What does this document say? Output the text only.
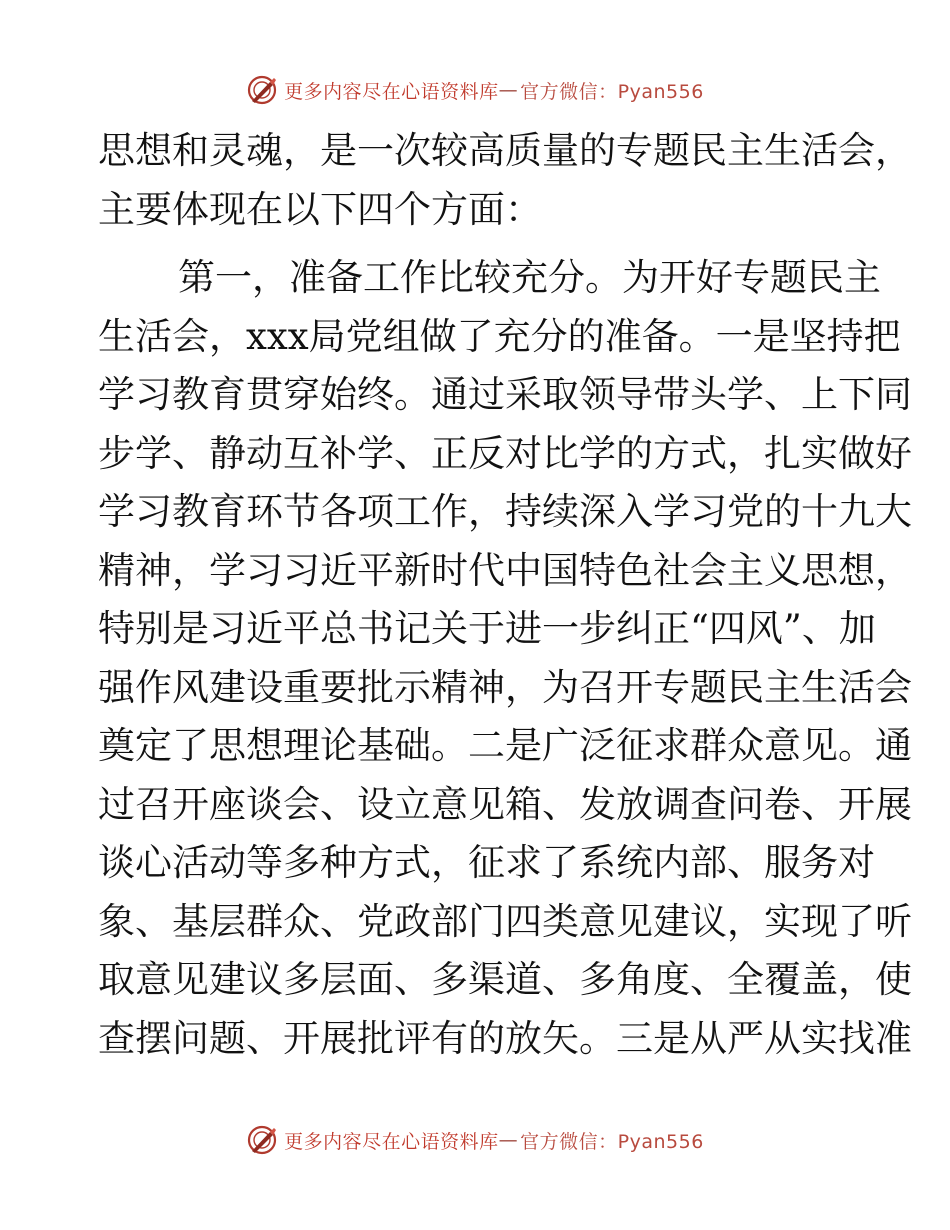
更多内容尽在心语资料库 — 官方微信：Pyan556
思想和灵魂，是一次较高质量的专题民主生活会，
主要体现在以下四个方面：
第一，准备工作比较充分。为开好专题民主
生活会，xxx局党组做了充分的准备。一是坚持把
学习教育贯穿始终。通过采取领导带头学、上下同
步学、静动互补学、正反对比学的方式，扎实做好
学习教育环节各项工作，持续深入学习党的十九大
精神，学习习近平新时代中国特色社会主义思想，
特别是习近平总书记关于进一步纠正“四风”、加
强作风建设重要批示精神，为召开专题民主生活会
奠定了思想理论基础。二是广泛征求群众意见。通
过召开座谈会、设立意见箱、发放调查问卷、开展
谈心活动等多种方式，征求了系统内部、服务对
象、基层群众、党政部门四类意见建议，实现了听
取意见建议多层面、多渠道、多角度、全覆盖，使
查摆问题、开展批评有的放矢。三是从严从实找准
更多内容尽在心语资料库 — 官方微信：Pyan556
